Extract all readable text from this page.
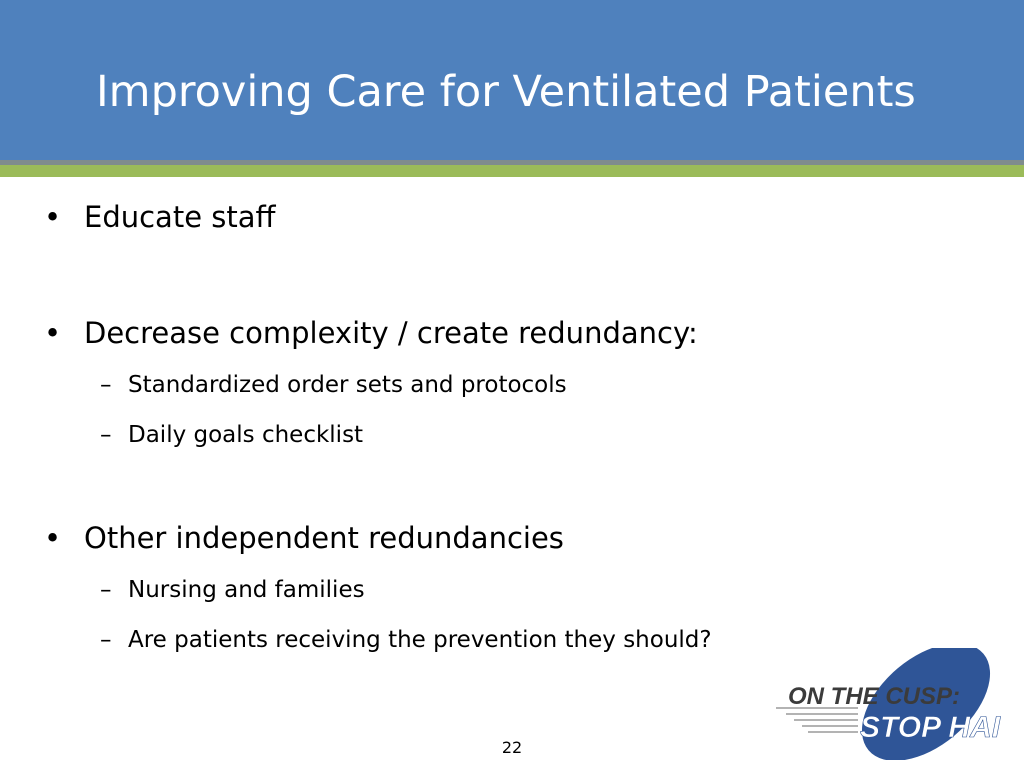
Improving Care for Ventilated Patients
• Educate staff
• Decrease complexity / create redundancy:
– Standardized order sets and protocols
– Daily goals checklist
• Other independent redundancies
– Nursing and families
– Are patients receiving the prevention they should?
ON THE CUSP:
STOP HAI
22
